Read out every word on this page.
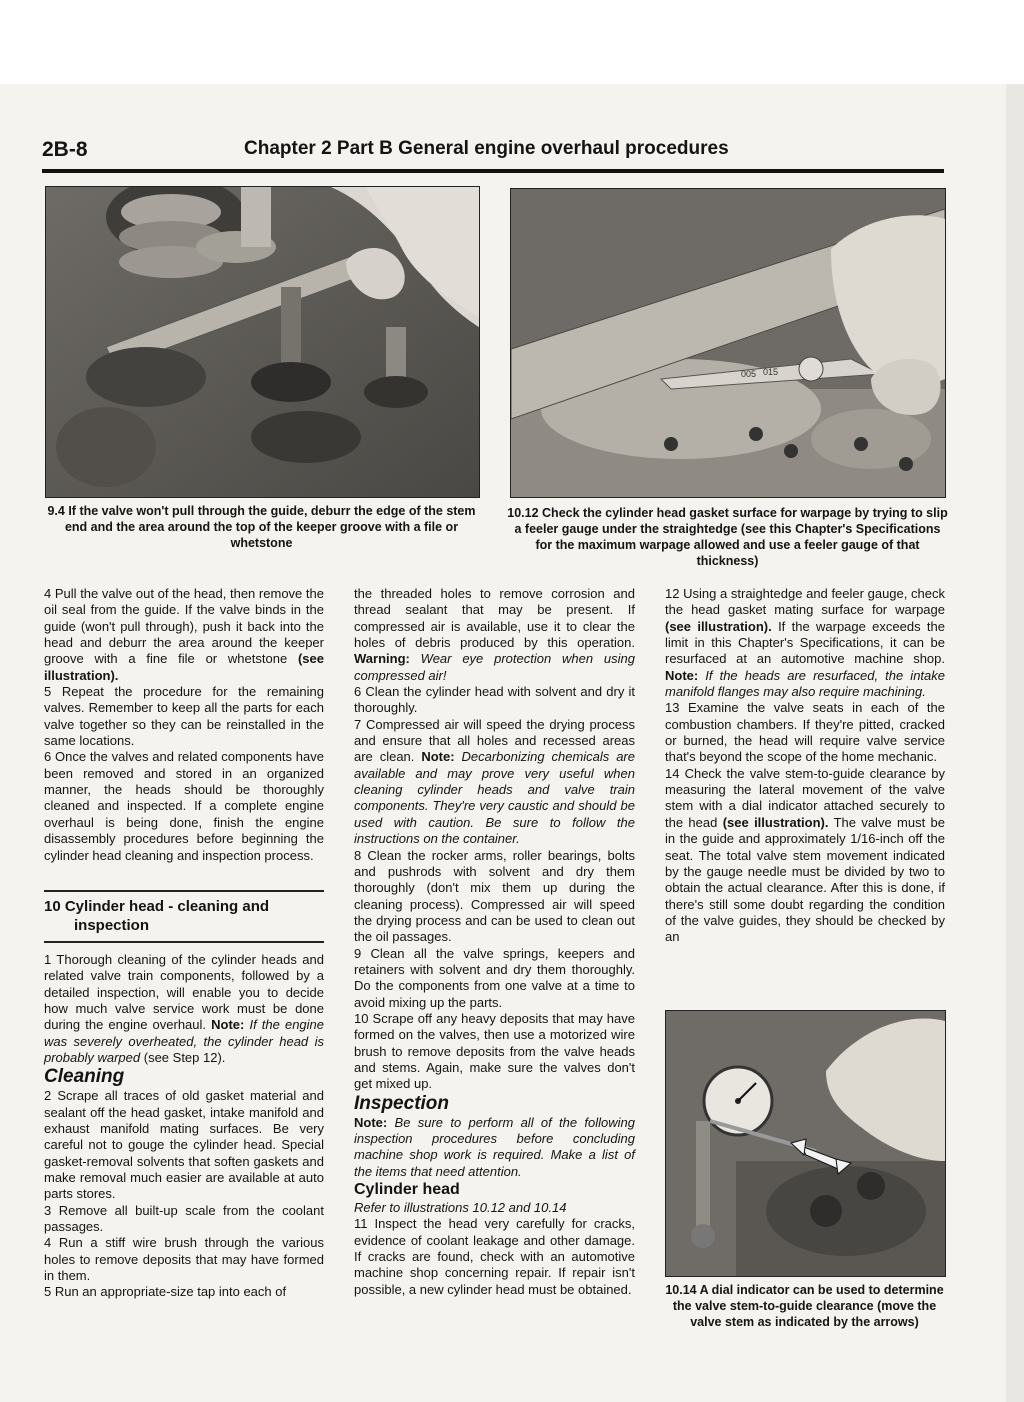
2B-8	Chapter 2 Part B General engine overhaul procedures
005 015
9.4 If the valve won't pull through the guide, deburr the edge of the stem end and the area around the top of the keeper groove with a file or whetstone
10.12 Check the cylinder head gasket surface for warpage by trying to slip a feeler gauge under the straightedge (see this Chapter's Specifications for the maximum warpage allowed and use a feeler gauge of that thickness)
10.14 A dial indicator can be used to determine the valve stem-to-guide clearance (move the valve stem as indicated by the arrows)

4 Pull the valve out of the head, then remove the oil seal from the guide. If the valve binds in the guide (won't pull through), push it back into the head and deburr the area around the keeper groove with a fine file or whetstone (see illustration).

5 Repeat the procedure for the remaining valves. Remember to keep all the parts for each valve together so they can be reinstalled in the same locations.

6 Once the valves and related components have been removed and stored in an organized manner, the heads should be thoroughly cleaned and inspected. If a complete engine overhaul is being done, finish the engine disassembly procedures before beginning the cylinder head cleaning and inspection process.

10 Cylinder head - cleaning and inspection

1 Thorough cleaning of the cylinder heads and related valve train components, followed by a detailed inspection, will enable you to decide how much valve service work must be done during the engine overhaul. Note: If the engine was severely overheated, the cylinder head is probably warped (see Step 12).

Cleaning

2 Scrape all traces of old gasket material and sealant off the head gasket, intake manifold and exhaust manifold mating surfaces. Be very careful not to gouge the cylinder head. Special gasket-removal solvents that soften gaskets and make removal much easier are available at auto parts stores.

3 Remove all built-up scale from the coolant passages.

4 Run a stiff wire brush through the various holes to remove deposits that may have formed in them.

5 Run an appropriate-size tap into each of

the threaded holes to remove corrosion and thread sealant that may be present. If compressed air is available, use it to clear the holes of debris produced by this operation. Warning: Wear eye protection when using compressed air!

6 Clean the cylinder head with solvent and dry it thoroughly.

7 Compressed air will speed the drying process and ensure that all holes and recessed areas are clean. Note: Decarbonizing chemicals are available and may prove very useful when cleaning cylinder heads and valve train components. They're very caustic and should be used with caution. Be sure to follow the instructions on the container.

8 Clean the rocker arms, roller bearings, bolts and pushrods with solvent and dry them thoroughly (don't mix them up during the cleaning process). Compressed air will speed the drying process and can be used to clean out the oil passages.

9 Clean all the valve springs, keepers and retainers with solvent and dry them thoroughly. Do the components from one valve at a time to avoid mixing up the parts.

10 Scrape off any heavy deposits that may have formed on the valves, then use a motorized wire brush to remove deposits from the valve heads and stems. Again, make sure the valves don't get mixed up.

Inspection

Note: Be sure to perform all of the following inspection procedures before concluding machine shop work is required. Make a list of the items that need attention.

Cylinder head

Refer to illustrations 10.12 and 10.14

11 Inspect the head very carefully for cracks, evidence of coolant leakage and other damage. If cracks are found, check with an automotive machine shop concerning repair. If repair isn't possible, a new cylinder head must be obtained.

12 Using a straightedge and feeler gauge, check the head gasket mating surface for warpage (see illustration). If the warpage exceeds the limit in this Chapter's Specifications, it can be resurfaced at an automotive machine shop. Note: If the heads are resurfaced, the intake manifold flanges may also require machining.

13 Examine the valve seats in each of the combustion chambers. If they're pitted, cracked or burned, the head will require valve service that's beyond the scope of the home mechanic.

14 Check the valve stem-to-guide clearance by measuring the lateral movement of the valve stem with a dial indicator attached securely to the head (see illustration). The valve must be in the guide and approximately 1/16-inch off the seat. The total valve stem movement indicated by the gauge needle must be divided by two to obtain the actual clearance. After this is done, if there's still some doubt regarding the condition of the valve guides, they should be checked by an
